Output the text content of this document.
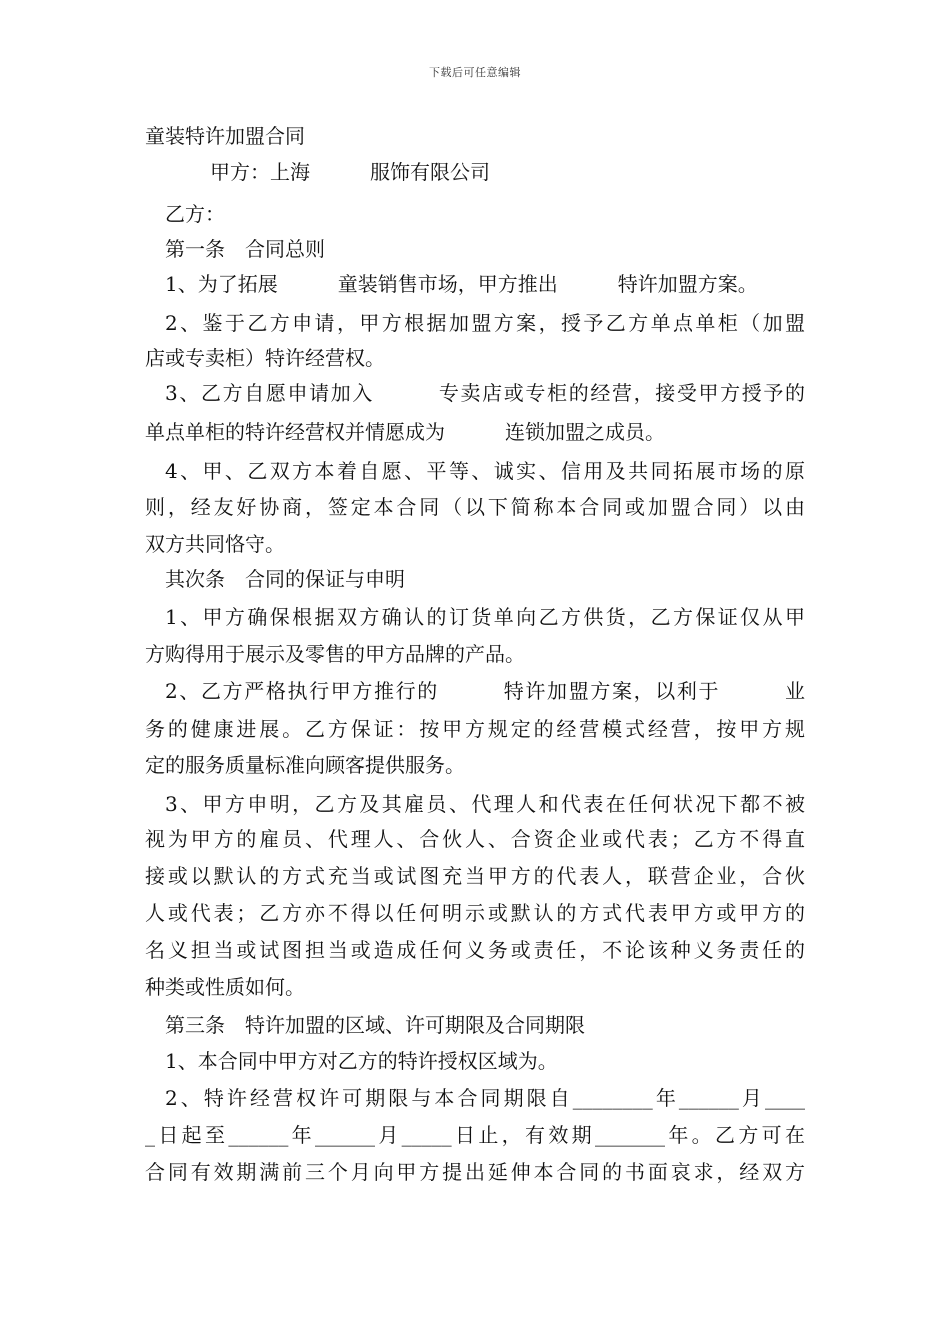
下载后可任意编辑
童装特许加盟合同
甲方：上海　　　服饰有限公司
乙方：
第一条　合同总则
1、为了拓展　　　童装销售市场，甲方推出　　　特许加盟方案。
2、鉴于乙方申请，甲方根据加盟方案，授予乙方单点单柜（加盟
店或专卖柜）特许经营权。
3、乙方自愿申请加入　　　专卖店或专柜的经营，接受甲方授予的
单点单柜的特许经营权并情愿成为　　　连锁加盟之成员。
4、甲、乙双方本着自愿、平等、诚实、信用及共同拓展市场的原
则，经友好协商，签定本合同（以下简称本合同或加盟合同）以由
双方共同恪守。
其次条　合同的保证与申明
1、甲方确保根据双方确认的订货单向乙方供货，乙方保证仅从甲
方购得用于展示及零售的甲方品牌的产品。
2、乙方严格执行甲方推行的　　　特许加盟方案，以利于　　　业
务的健康进展。乙方保证：按甲方规定的经营模式经营，按甲方规
定的服务质量标准向顾客提供服务。
3、甲方申明，乙方及其雇员、代理人和代表在任何状况下都不被
视为甲方的雇员、代理人、合伙人、合资企业或代表；乙方不得直
接或以默认的方式充当或试图充当甲方的代表人，联营企业，合伙
人或代表；乙方亦不得以任何明示或默认的方式代表甲方或甲方的
名义担当或试图担当或造成任何义务或责任，不论该种义务责任的
种类或性质如何。
第三条　特许加盟的区域、许可期限及合同期限
1、本合同中甲方对乙方的特许授权区域为。
2、特许经营权许可期限与本合同期限自________年______月____
_日起至______年______月_____日止，有效期_______年。乙方可在
合同有效期满前三个月向甲方提出延伸本合同的书面哀求，经双方
